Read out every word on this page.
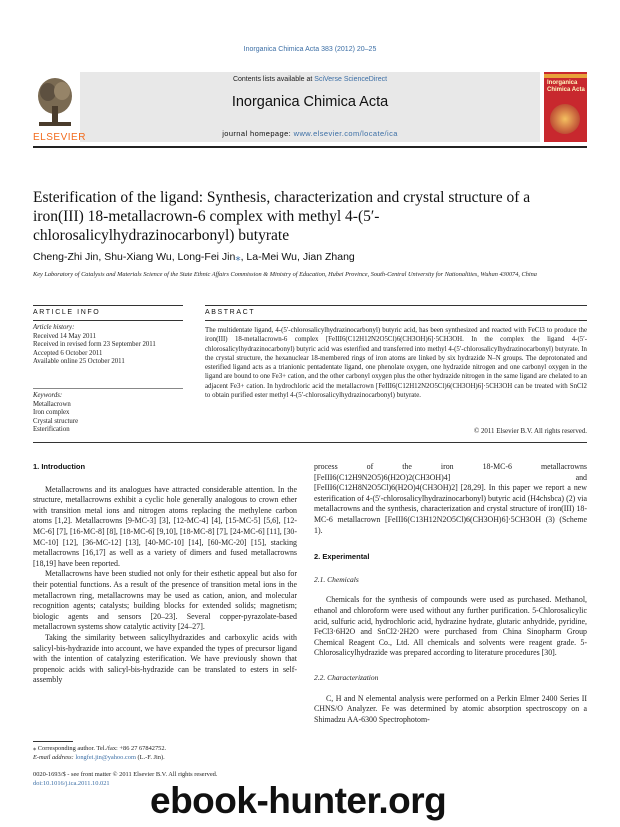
Inorganica Chimica Acta 383 (2012) 20–25
ELSEVIER
Contents lists available at SciVerse ScienceDirect
Inorganica Chimica Acta
journal homepage: www.elsevier.com/locate/ica
Inorganica Chimica Acta
Esterification of the ligand: Synthesis, characterization and crystal structure of a iron(III) 18-metallacrown-6 complex with methyl 4-(5′-chlorosalicylhydrazinocarbonyl) butyrate
Cheng-Zhi Jin, Shu-Xiang Wu, Long-Fei Jin⁎, La-Mei Wu, Jian Zhang
Key Laboratory of Catalysis and Materials Science of the State Ethnic Affairs Commission & Ministry of Education, Hubei Province, South-Central University for Nationalities, Wuhan 430074, China
ARTICLE INFO
Article history:
Received 14 May 2011
Received in revised form 23 September 2011
Accepted 6 October 2011
Available online 25 October 2011
Keywords:
Metallacrown
Iron complex
Crystal structure
Esterification
ABSTRACT
The multidentate ligand, 4-(5′-chlorosalicylhydrazinocarbonyl) butyric acid, has been synthesized and reacted with FeCl3 to produce the iron(III) 18-metallacrown-6 complex [FeIII6(C12H12N2O5Cl)6(CH3OH)6]·5CH3OH. In the complex the ligand 4-(5′-chlorosalicylhydrazinocarbonyl) butyric acid was esterified and transferred into methyl 4-(5′-chlorosalicylhydrazinocarbonyl) butyrate. In the crystal structure, the hexanuclear 18-membered rings of iron atoms are linked by six hydrazide N–N groups. The deprotonated and esterified ligand acts as a trianionic pentadentate ligand, one phenolate oxygen, one hydrazide nitrogen and one carbonyl oxygen in the ligand are bound to one Fe3+ cation, and the other carbonyl oxygen plus the other hydrazide nitrogen in the same ligand are chelated to an adjacent Fe3+ cation. In hydrochloric acid the metallacrown [FeIII6(C12H12N2O5Cl)6(CH3OH)6]·5CH3OH can be treated with SnCl2 to obtain purified ester methyl 4-(5′-chlorosalicylhydrazinocarbonyl) butyrate.
© 2011 Elsevier B.V. All rights reserved.
1. Introduction

Metallacrowns and its analogues have attracted considerable attention. In the structure, metallacrowns exhibit a cyclic hole generally analogous to crown ether with transition metal ions and nitrogen atoms replacing the methylene carbon atoms [1,2]. Metallacrowns [9-MC-3] [3], [12-MC-4] [4], [15-MC-5] [5,6], [12-MC-6] [7], [16-MC-8] [8], [18-MC-6] [9,10], [18-MC-8] [7], [24-MC-6] [11], [30-MC-10] [12], [36-MC-12] [13], [40-MC-10] [14], [60-MC-20] [15], stacking metallacrowns [16,17] as well as a variety of dimers and fused metallacrowns [18,19] have been reported.

Metallacrowns have been studied not only for their esthetic appeal but also for their potential functions. As a result of the presence of transition metal ions in the metallacrown ring, metallacrowns may be used as cation, anion, and molecular recognition agents; catalysts; building blocks for extended solids; magnetism; biologic agents and sensors [20–23]. Several copper-pyrazolate-based metallacrown systems show catalytic activity [24–27].

Taking the similarity between salicylhydrazides and carboxylic acids with salicyl-bis-hydrazide into account, we have expanded the types of precursor ligand with the intention of catalyzing esterification. We have previously shown that propenoic acids with salicyl-bis-hydrazide can be translated to esters in self-assembly

process of the iron 18-MC-6 metallacrowns [FeIII6(C12H9N2O5)6(H2O)2(CH3OH)4] and [FeIII6(C12H8N2O5Cl)6(H2O)4(CH3OH)2] [28,29]. In this paper we report a new esterification of 4-(5′-chlorosalicylhydrazinocarbonyl) butyric acid (H4chsbca) (2) via metallacrowns and the synthesis, characterization and crystal structure of iron(III) 18-MC-6 metallacrown [FeIII6(C13H12N2O5Cl)6(CH3OH)6]·5CH3OH (3) (Scheme 1).

2. Experimental
2.1. Chemicals

Chemicals for the synthesis of compounds were used as purchased. Methanol, ethanol and chloroform were used without any further purification. 5-Chlorosalicylic acid, sulfuric acid, hydrochloric acid, hydrazine hydrate, glutaric anhydride, pyridine, FeCl3·6H2O and SnCl2·2H2O were purchased from China Sinopharm Group Chemical Reagent Co., Ltd. All chemicals and solvents were reagent grade. 5-Chlorosalicylhydrazide was prepared according to literature procedures [30].

2.2. Characterization

C, H and N elemental analysis were performed on a Perkin Elmer 2400 Series II CHNS/O Analyzer. Fe was determined by atomic absorption spectroscopy on a Shimadzu AA-6300 Spectrophotom-

⁎ Corresponding author. Tel./fax: +86 27 67842752.
E-mail address: longfei.jin@yahoo.com (L.-F. Jin).
0020-1693/$ - see front matter © 2011 Elsevier B.V. All rights reserved.
doi:10.1016/j.ica.2011.10.021	ebook-hunter.org
